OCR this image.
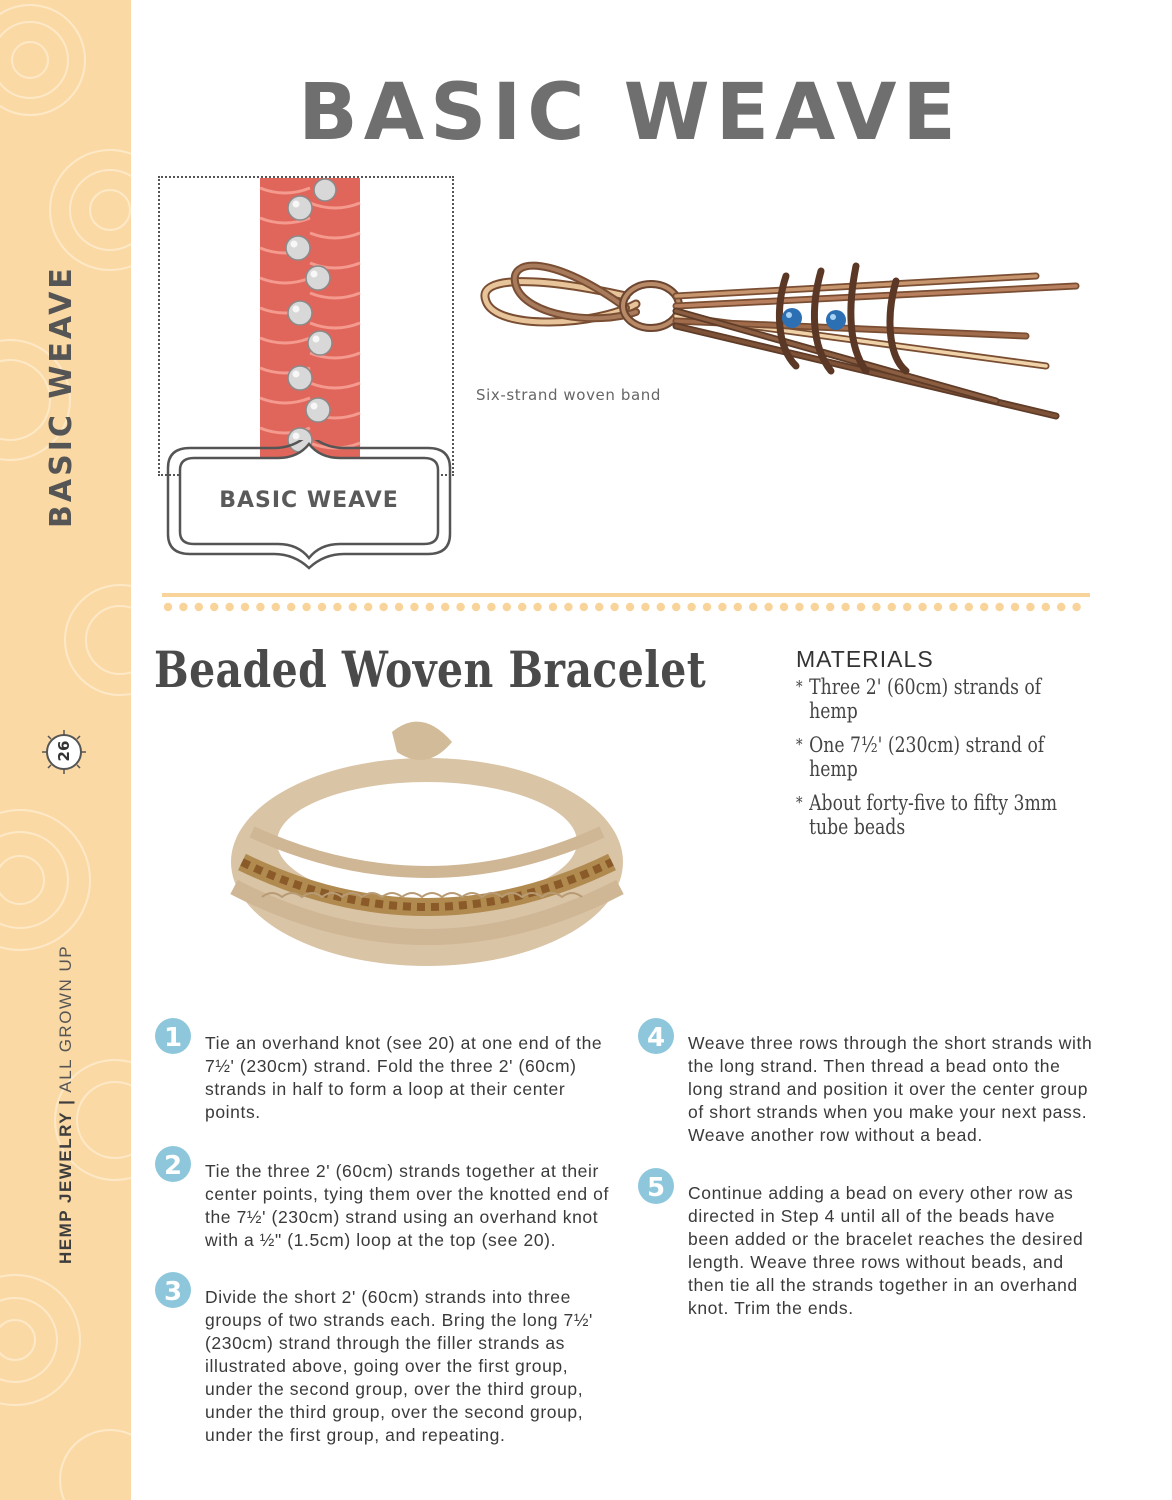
BASIC WEAVE
26
HEMP JEWELRY|ALL GROWN UP
BASIC WEAVE
BASIC WEAVE
Six-strand woven band
Beaded Woven Bracelet	MATERIALS
* Three 2' (60cm) strands of hemp
* One 7½' (230cm) strand of hemp
* About forty-five to fifty 3mm tube beads
1 Tie an overhand knot (see 20) at one end of the 7½' (230cm) strand. Fold the three 2' (60cm) strands in half to form a loop at their center points.
2 Tie the three 2' (60cm) strands together at their center points, tying them over the knotted end of the 7½' (230cm) strand using an overhand knot with a ½" (1.5cm) loop at the top (see 20).
3 Divide the short 2' (60cm) strands into three groups of two strands each. Bring the long 7½' (230cm) strand through the filler strands as illustrated above, going over the first group, under the second group, over the third group, under the third group, over the second group, under the first group, and repeating.
4 Weave three rows through the short strands with the long strand. Then thread a bead onto the long strand and position it over the center group of short strands when you make your next pass. Weave another row without a bead.
5 Continue adding a bead on every other row as directed in Step 4 until all of the beads have been added or the bracelet reaches the desired length. Weave three rows without beads, and then tie all the strands together in an overhand knot. Trim the ends.
